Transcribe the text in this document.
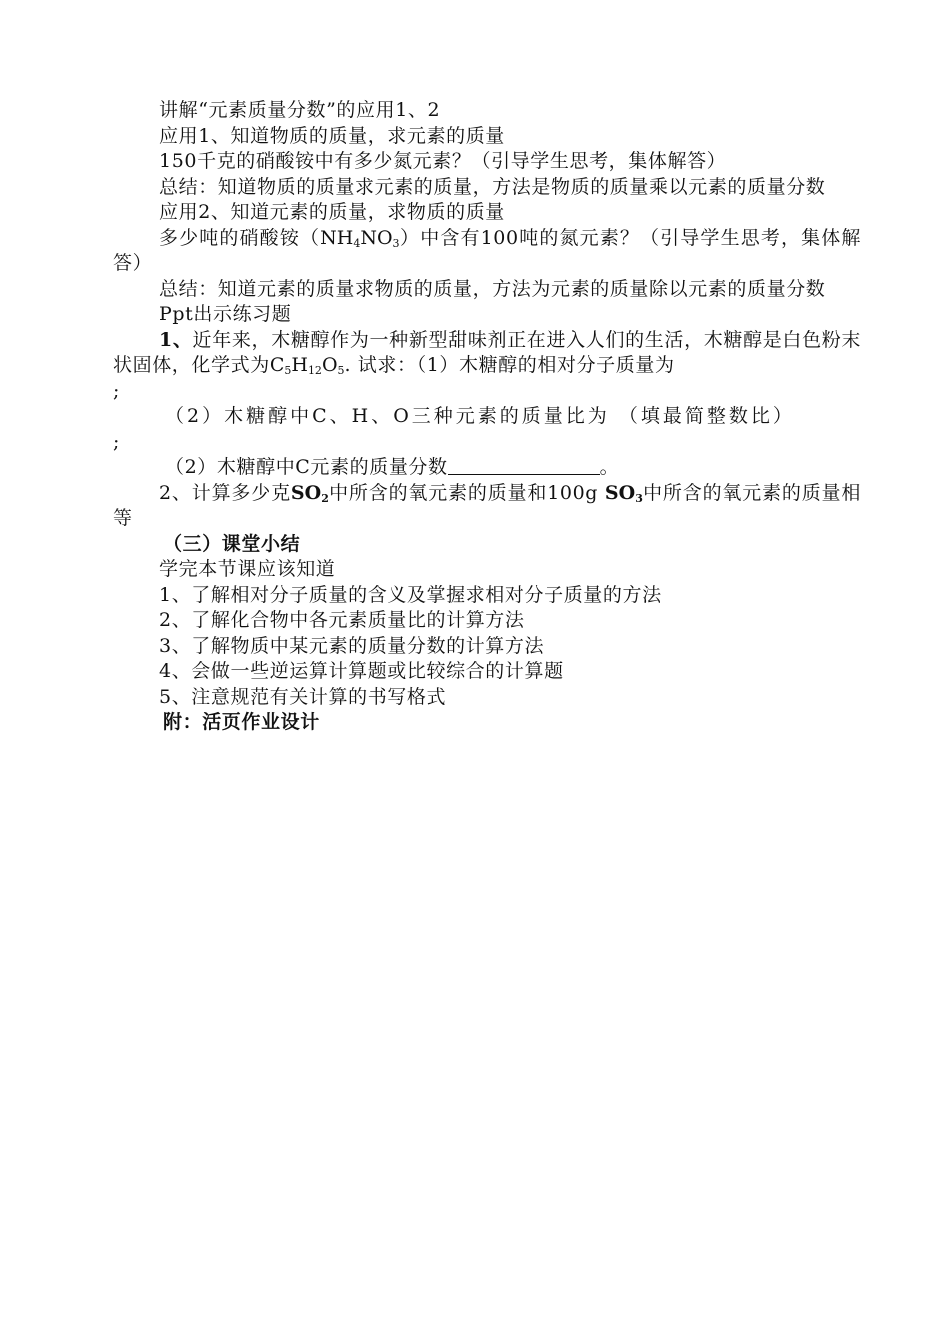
讲解“元素质量分数”的应用1、2

应用1、知道物质的质量，求元素的质量

150千克的硝酸铵中有多少氮元素？（引导学生思考，集体解答）

总结：知道物质的质量求元素的质量，方法是物质的质量乘以元素的质量分数

应用2、知道元素的质量，求物质的质量

多少吨的硝酸铵$(NH_4NO_3)$中含有100吨的氮元素？（引导学生思考，集体解答）

总结：知道元素的质量求物质的质量，方法为元素的质量除以元素的质量分数

Ppt出示练习题

1、近年来，木糖醇作为一种新型甜味剂正在进入人们的生活，木糖醇是白色粉末状固体，化学式为$C_5H_{12}O_5$. 试求：（1）木糖醇的相对分子质量为
;

（2）木糖醇中C、H、O三种元素的质量比为 （填最简整数比）
;

（2）木糖醇中C元素的质量分数	。

2、计算多少克$SO_2$中所含的氧元素的质量和100g $SO_3$中所含的氧元素的质量相等

（三）课堂小结

学完本节课应该知道

1、了解相对分子质量的含义及掌握求相对分子质量的方法

2、了解化合物中各元素质量比的计算方法

3、了解物质中某元素的质量分数的计算方法

4、会做一些逆运算计算题或比较综合的计算题

5、注意规范有关计算的书写格式

附：活页作业设计
